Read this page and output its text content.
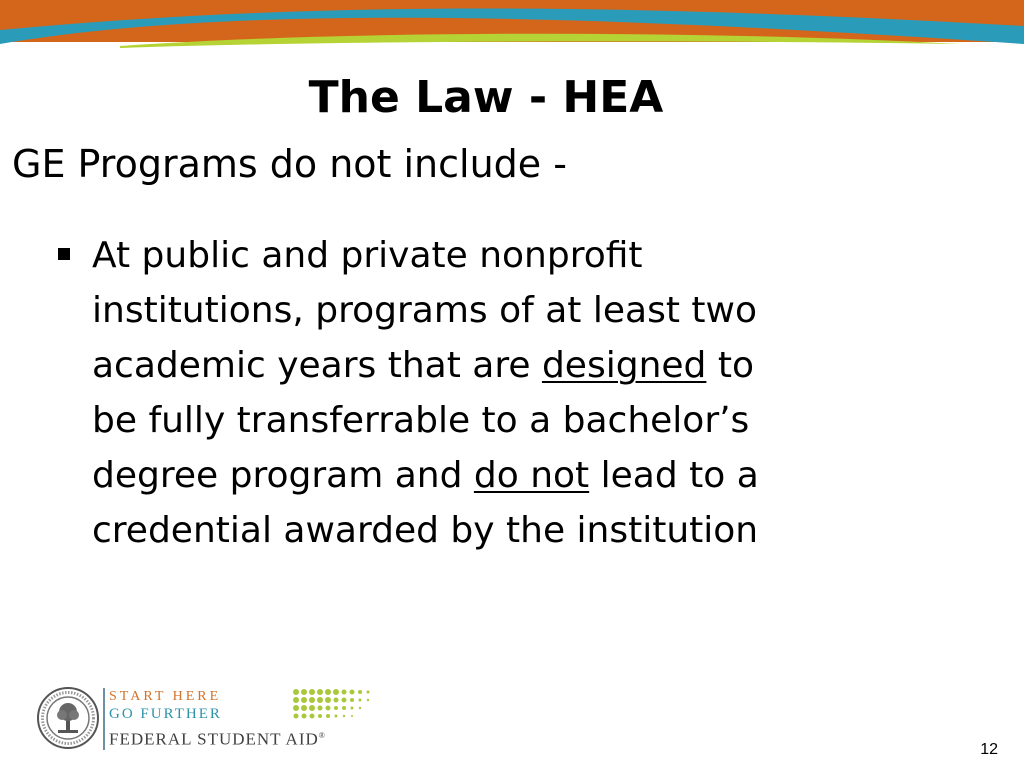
The Law - HEA

GE Programs do not include -

At public and private nonprofit
institutions, programs of at least two
academic years that are designed to
be fully transferrable to a bachelor’s
degree program and do not lead to a
credential awarded by the institution
START HERE
GO FURTHER
FEDERAL STUDENT AID®
12
